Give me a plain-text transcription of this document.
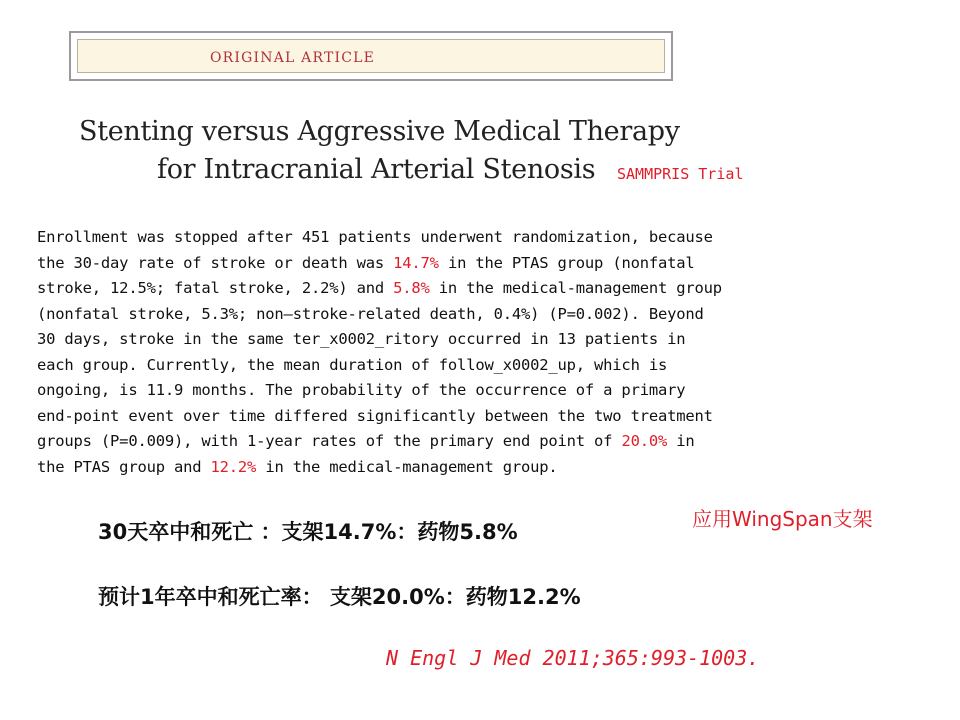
ORIGINAL ARTICLE
Stenting versus Aggressive Medical Therapy
for Intracranial Arterial Stenosis SAMMPRIS Trial
Enrollment was stopped after 451 patients underwent randomization, because
the 30-day rate of stroke or death was 14.7% in the PTAS group (nonfatal
stroke, 12.5%; fatal stroke, 2.2%) and 5.8% in the medical-management group
(nonfatal stroke, 5.3%; non–stroke-related death, 0.4%) (P=0.002). Beyond
30 days, stroke in the same ter_x0002_ritory occurred in 13 patients in
each group. Currently, the mean duration of follow_x0002_up, which is
ongoing, is 11.9 months. The probability of the occurrence of a primary
end-point event over time differed significantly between the two treatment
groups (P=0.009), with 1-year rates of the primary end point of 20.0% in
the PTAS group and 12.2% in the medical-management group.
应用WingSpan支架
30天卒中和死亡 ：支架14.7%：药物5.8%
预计1年卒中和死亡率： 支架20.0%：药物12.2%
N Engl J Med 2011;365:993-1003.
